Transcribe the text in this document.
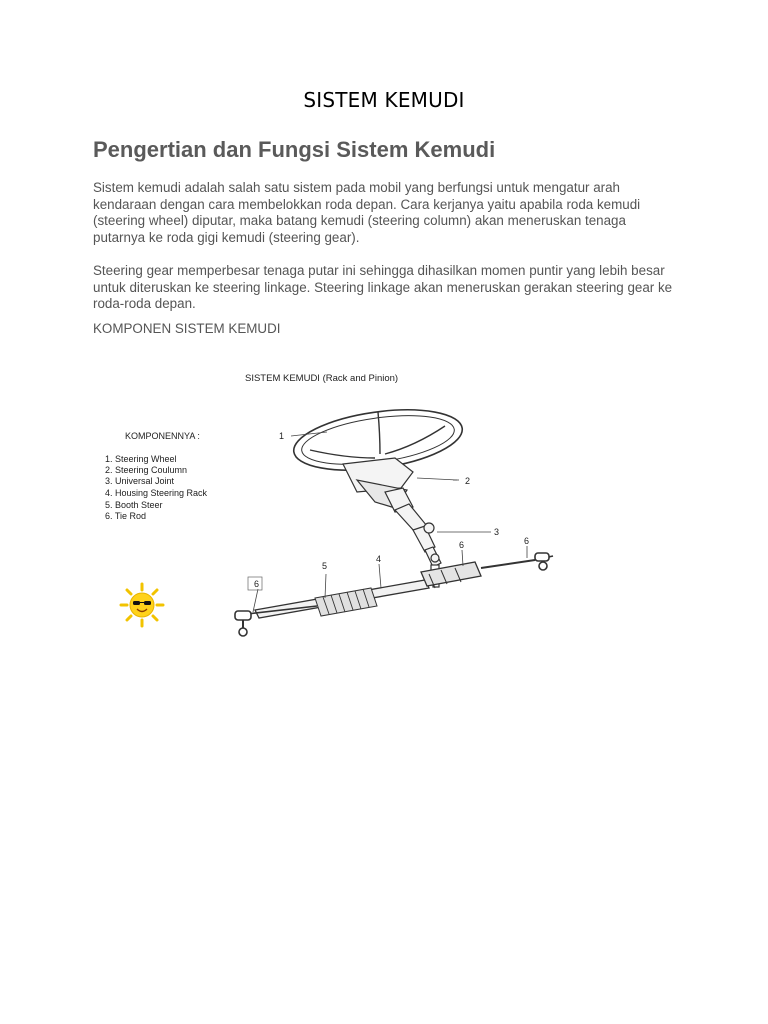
SISTEM KEMUDI
Pengertian dan Fungsi Sistem Kemudi

Sistem kemudi adalah salah satu sistem pada mobil yang berfungsi untuk mengatur arah kendaraan dengan cara membelokkan roda depan. Cara kerjanya yaitu apabila roda kemudi (steering wheel) diputar, maka batang kemudi (steering column) akan meneruskan tenaga putarnya ke roda gigi kemudi (steering gear).

Steering gear memperbesar tenaga putar ini sehingga dihasilkan momen puntir yang lebih besar untuk diteruskan ke steering linkage. Steering linkage akan meneruskan gerakan steering gear ke roda-roda depan.

KOMPONEN SISTEM KEMUDI
SISTEM KEMUDI (Rack and Pinion)
KOMPONENNYA :
1. Steering Wheel
2. Steering Coulumn
3. Universal Joint
4. Housing Steering Rack
5. Booth Steer
6. Tie Rod
1
2
3
4
5
6	6
6
